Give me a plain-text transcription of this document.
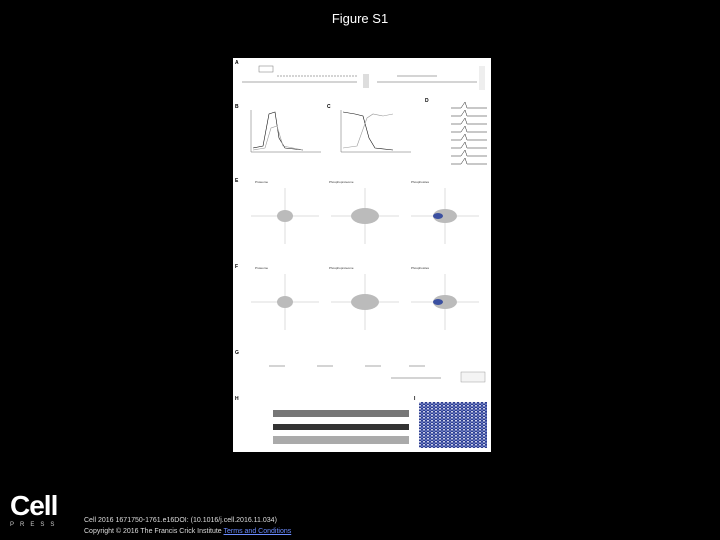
Figure S1
A
B	C
D
E	Proteome	Phosphoproteome	Phosphosites
F	Proteome	Phosphoproteome	Phosphosites
G
H	I
Cell
PRESS
Cell 2016 1671750-1761.e16DOI: (10.1016/j.cell.2016.11.034)
Copyright © 2016 The Francis Crick Institute Terms and Conditions
